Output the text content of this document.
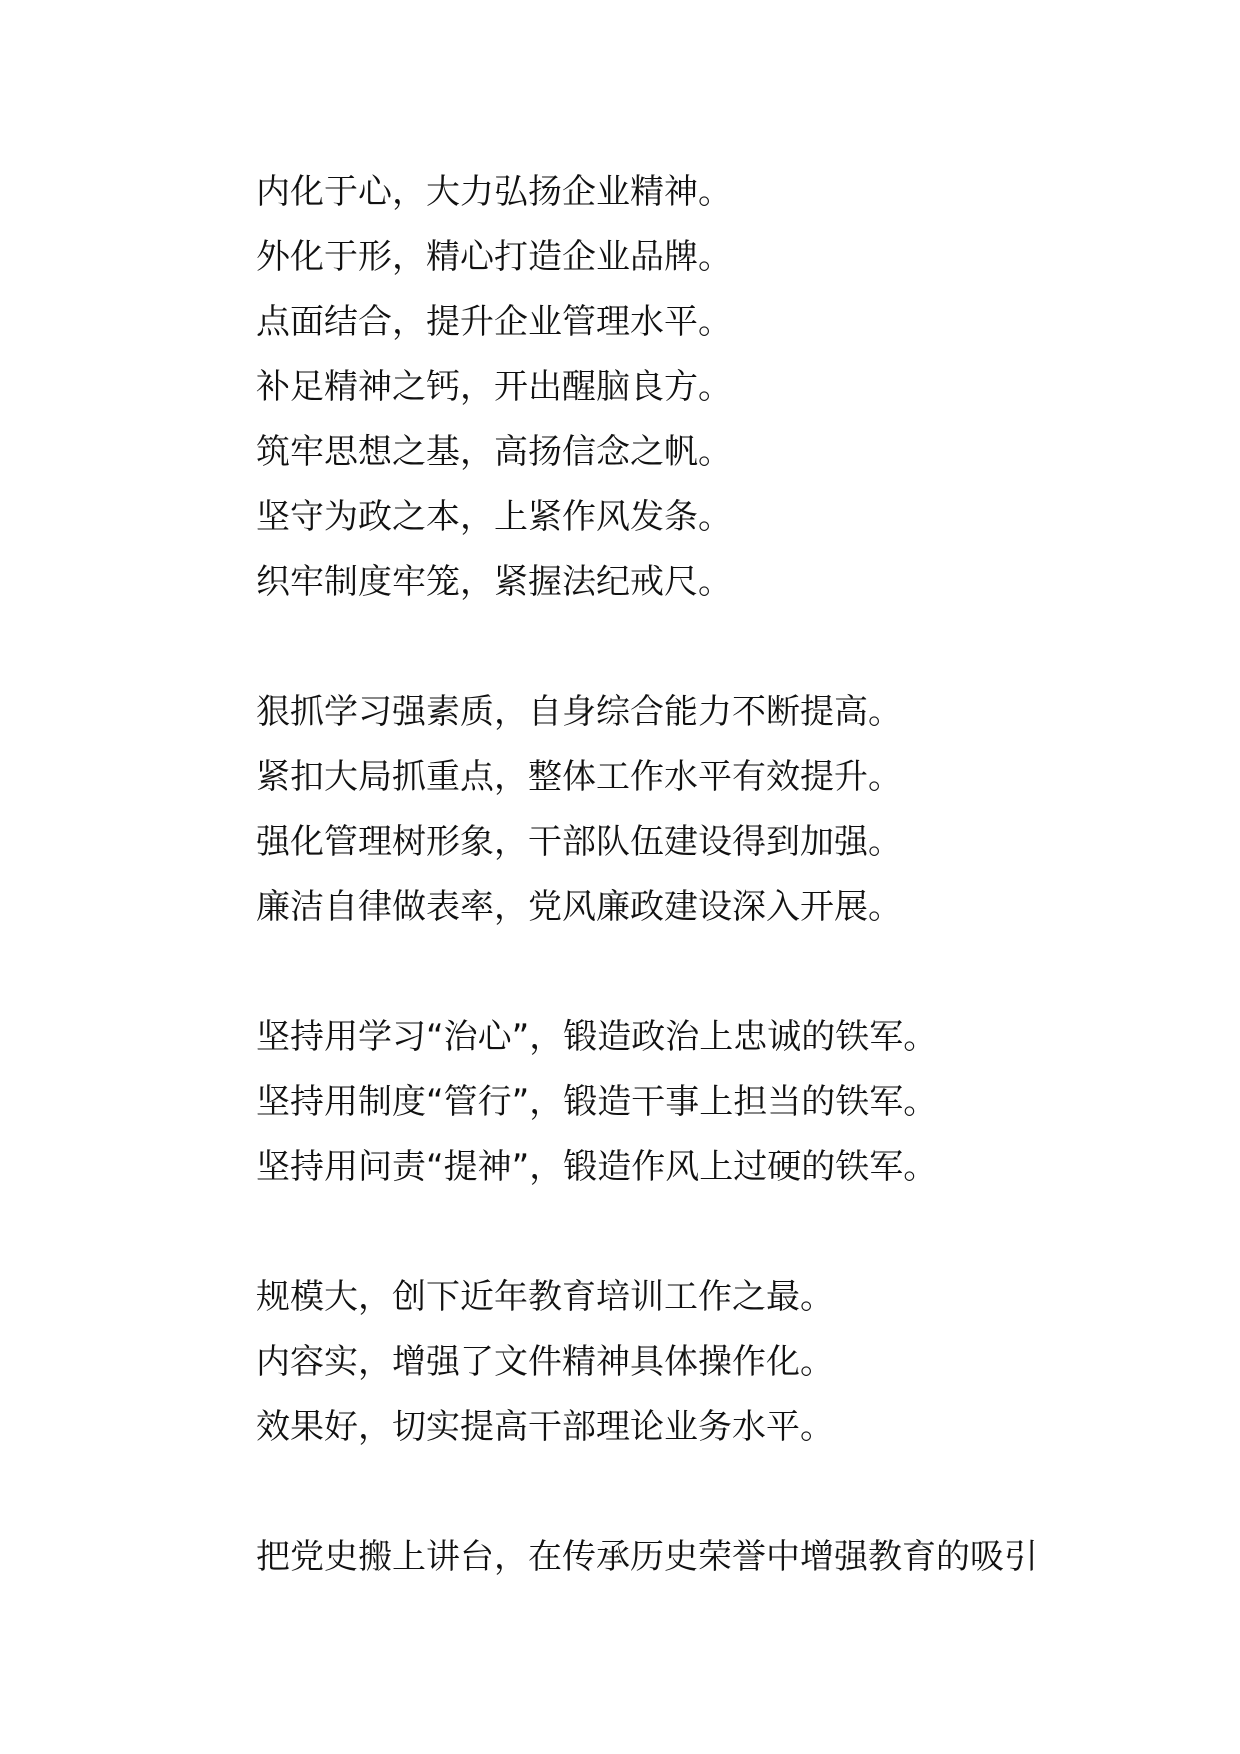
内化于心，大力弘扬企业精神。
外化于形，精心打造企业品牌。
点面结合，提升企业管理水平。
补足精神之钙，开出醒脑良方。
筑牢思想之基，高扬信念之帆。
坚守为政之本，上紧作风发条。
织牢制度牢笼，紧握法纪戒尺。
狠抓学习强素质，自身综合能力不断提高。
紧扣大局抓重点，整体工作水平有效提升。
强化管理树形象，干部队伍建设得到加强。
廉洁自律做表率，党风廉政建设深入开展。
坚持用学习“治心”，锻造政治上忠诚的铁军。
坚持用制度“管行”，锻造干事上担当的铁军。
坚持用问责“提神”，锻造作风上过硬的铁军。
规模大，创下近年教育培训工作之最。
内容实，增强了文件精神具体操作化。
效果好，切实提高干部理论业务水平。
把党史搬上讲台，在传承历史荣誉中增强教育的吸引
